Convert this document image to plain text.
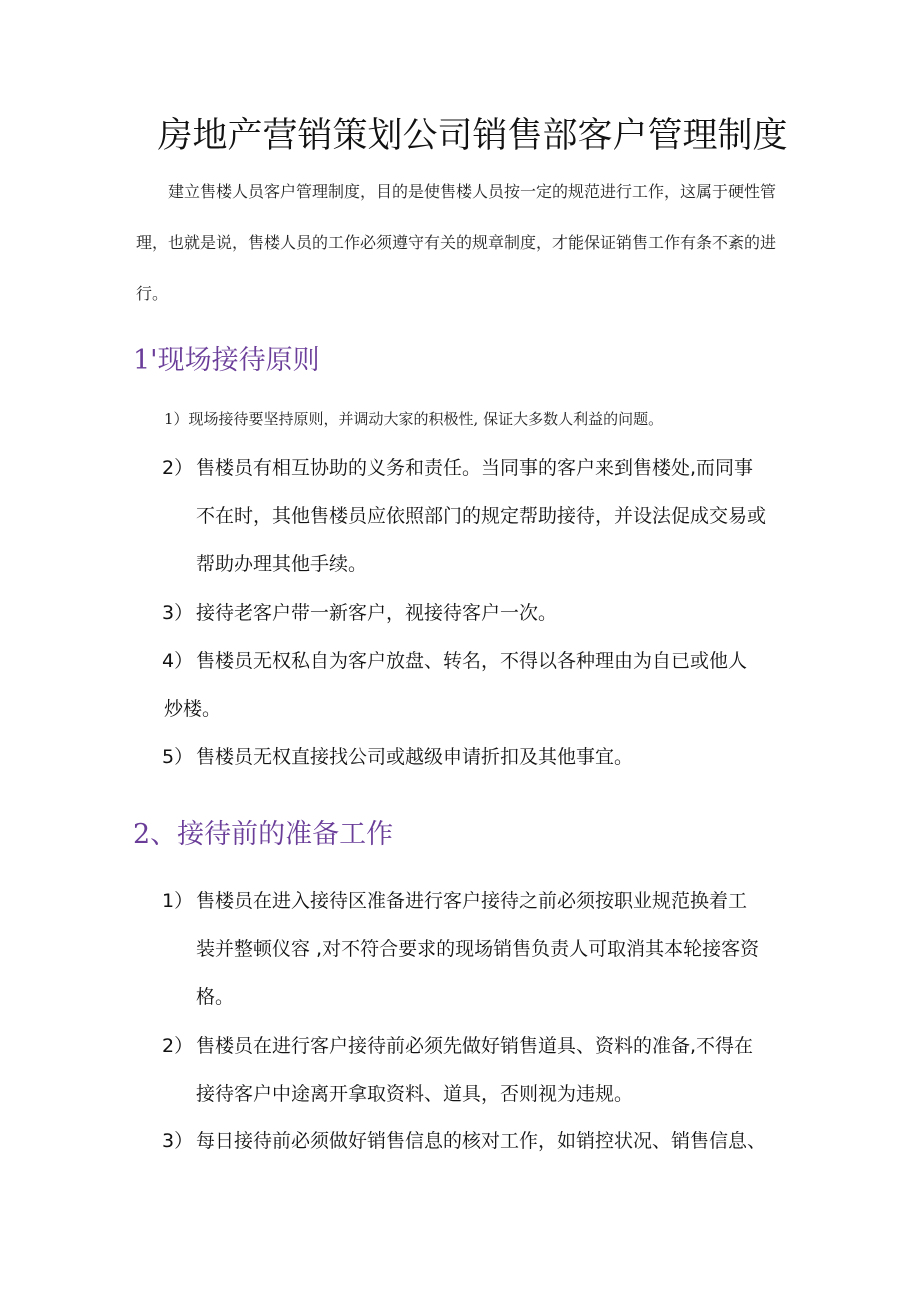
房地产营销策划公司销售部客户管理制度

建立售楼人员客户管理制度，目的是使售楼人员按一定的规范进行工作，这属于硬性管理，也就是说，售楼人员的工作必须遵守有关的规章制度，才能保证销售工作有条不紊的进行。

1'现场接待原则

1）现场接待要坚持原则，并调动大家的积极性, 保证大多数人利益的问题。

2） 售楼员有相互协助的义务和责任。当同事的客户来到售楼处,而同事
不在时，其他售楼员应依照部门的规定帮助接待，并设法促成交易或
帮助办理其他手续。
3） 接待老客户带一新客户，视接待客户一次。
4） 售楼员无权私自为客户放盘、转名，不得以各种理由为自已或他人
炒楼。
5） 售楼员无权直接找公司或越级申请折扣及其他事宜。
2、接待前的准备工作
1） 售楼员在进入接待区准备进行客户接待之前必须按职业规范换着工
装并整顿仪容 ,对不符合要求的现场销售负责人可取消其本轮接客资
格。
2） 售楼员在进行客户接待前必须先做好销售道具、资料的准备,不得在
接待客户中途离开拿取资料、道具，否则视为违规。
3） 每日接待前必须做好销售信息的核对工作，如销控状况、销售信息、
